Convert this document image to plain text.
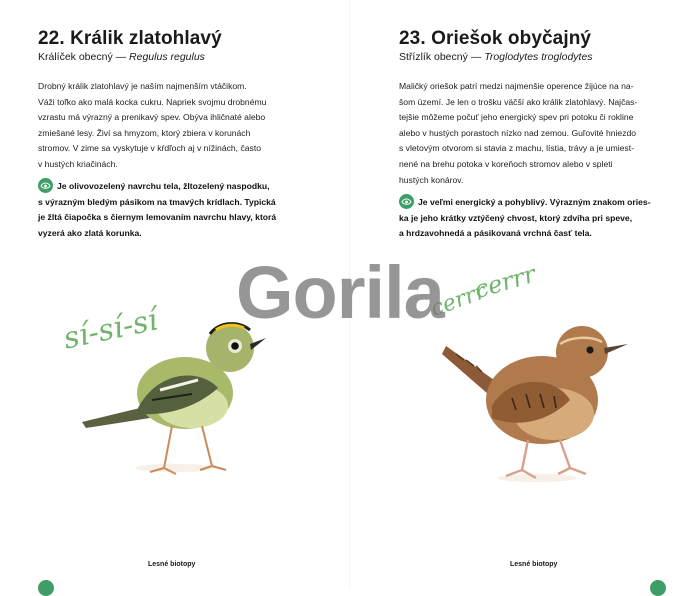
22. Králik zlatohlavý
Králíček obecný — Regulus regulus
Drobný králik zlatohlavý je naším najmenším vtáčikom.
Váži toľko ako malá kocka cukru. Napriek svojmu drobnému
vzrastu má výrazný a prenikavý spev. Obýva ihličnaté alebo
zmiešané lesy. Živí sa hmyzom, ktorý zbiera v korunách
stromov. V zime sa vyskytuje v kŕdľoch aj v nížinách, často
v hustých kriačinách.
Je olivovozelený navrchu tela, žltozelený naspodku,
s výrazným bledým pásikom na tmavých krídlach. Typická
je žltá čiapočka s čiernym lemovaním navrchu hlavy, ktorá
vyzerá ako zlatá korunka.
sí-sí-sí
Lesné biotopy
23. Oriešok obyčajný
Střízlík obecný — Troglodytes troglodytes
Maličký oriešok patrí medzi najmenšie operence žijúce na na-
šom území. Je len o trošku väčší ako králik zlatohlavý. Najčas-
tejšie môžeme počuť jeho energický spev pri potoku či rokline
alebo v hustých porastoch nízko nad zemou. Guľovité hniezdo
s vletovým otvorom si stavia z machu, lístia, trávy a je umiest-
nené na brehu potoka v koreňoch stromov alebo v spleti
hustých konárov.
Je veľmi energický a pohyblivý. Výrazným znakom ories-
ka je jeho krátky vztýčený chvost, ktorý zdvíha pri speve,
a hrdzavohnedá a pásikovaná vrchná časť tela.
cerrr
cerrr
Lesné biotopy
Gorila
